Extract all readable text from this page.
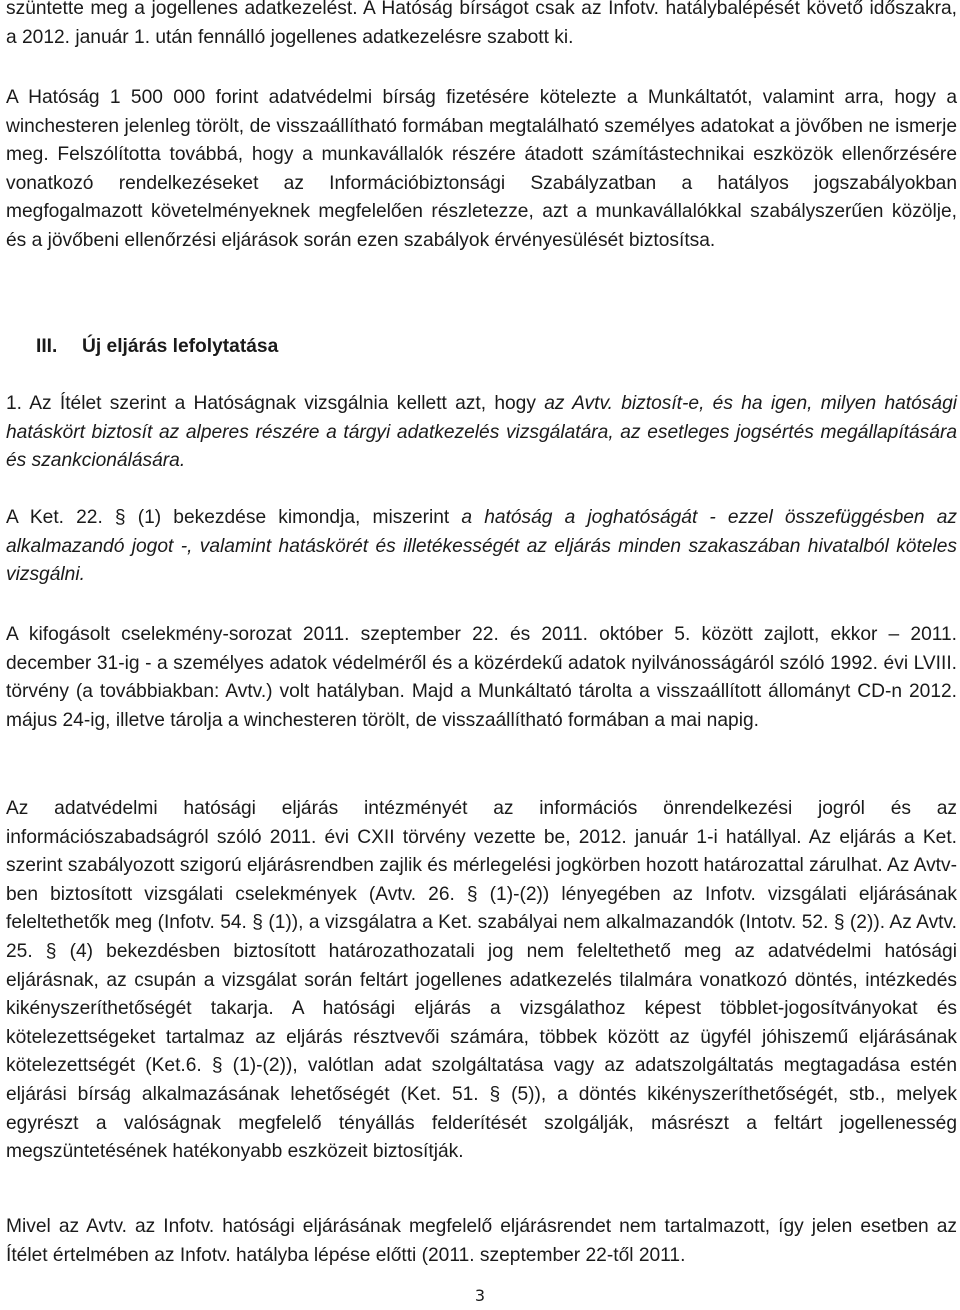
szüntette meg a jogellenes adatkezelést. A Hatóság bírságot csak az Infotv. hatálybalépését követő időszakra, a 2012. január 1. után fennálló jogellenes adatkezelésre szabott ki.

A Hatóság 1 500 000 forint adatvédelmi bírság fizetésére kötelezte a Munkáltatót, valamint arra, hogy a winchesteren jelenleg törölt, de visszaállítható formában megtalálható személyes adatokat a jövőben ne ismerje meg. Felszólította továbbá, hogy a munkavállalók részére átadott számítástechnikai eszközök ellenőrzésére vonatkozó rendelkezéseket az Információbiztonsági Szabályzatban a hatályos jogszabályokban megfogalmazott követelményeknek megfelelően részletezze, azt a munkavállalókkal szabályszerűen közölje, és a jövőbeni ellenőrzési eljárások során ezen szabályok érvényesülését biztosítsa.

III. Új eljárás lefolytatása

1. Az Ítélet szerint a Hatóságnak vizsgálnia kellett azt, hogy az Avtv. biztosít-e, és ha igen, milyen hatósági hatáskört biztosít az alperes részére a tárgyi adatkezelés vizsgálatára, az esetleges jogsértés megállapítására és szankcionálására.

A Ket. 22. § (1) bekezdése kimondja, miszerint a hatóság a joghatóságát - ezzel összefüggésben az alkalmazandó jogot -, valamint hatáskörét és illetékességét az eljárás minden szakaszában hivatalból köteles vizsgálni.

A kifogásolt cselekmény-sorozat 2011. szeptember 22. és 2011. október 5. között zajlott, ekkor – 2011. december 31-ig - a személyes adatok védelméről és a közérdekű adatok nyilvánosságáról szóló 1992. évi LVIII. törvény (a továbbiakban: Avtv.) volt hatályban. Majd a Munkáltató tárolta a visszaállított állományt CD-n 2012. május 24-ig, illetve tárolja a winchesteren törölt, de visszaállítható formában a mai napig.

Az adatvédelmi hatósági eljárás intézményét az információs önrendelkezési jogról és az információszabadságról szóló 2011. évi CXII törvény vezette be, 2012. január 1-i hatállyal. Az eljárás a Ket. szerint szabályozott szigorú eljárásrendben zajlik és mérlegelési jogkörben hozott határozattal zárulhat. Az Avtv-ben biztosított vizsgálati cselekmények (Avtv. 26. § (1)-(2)) lényegében az Infotv. vizsgálati eljárásának feleltethetők meg (Infotv. 54. § (1)), a vizsgálatra a Ket. szabályai nem alkalmazandók (Intotv. 52. § (2)). Az Avtv. 25. § (4) bekezdésben biztosított határozathozatali jog nem feleltethető meg az adatvédelmi hatósági eljárásnak, az csupán a vizsgálat során feltárt jogellenes adatkezelés tilalmára vonatkozó döntés, intézkedés kikényszeríthetőségét takarja. A hatósági eljárás a vizsgálathoz képest többlet-jogosítványokat és kötelezettségeket tartalmaz az eljárás résztvevői számára, többek között az ügyfél jóhiszemű eljárásának kötelezettségét (Ket.6. § (1)-(2)), valótlan adat szolgáltatása vagy az adatszolgáltatás megtagadása estén eljárási bírság alkalmazásának lehetőségét (Ket. 51. § (5)), a döntés kikényszeríthetőségét, stb., melyek egyrészt a valóságnak megfelelő tényállás felderítését szolgálják, másrészt a feltárt jogellenesség megszüntetésének hatékonyabb eszközeit biztosítják.

Mivel az Avtv. az Infotv. hatósági eljárásának megfelelő eljárásrendet nem tartalmazott, így jelen esetben az Ítélet értelmében az Infotv. hatályba lépése előtti (2011. szeptember 22-től 2011.

3
